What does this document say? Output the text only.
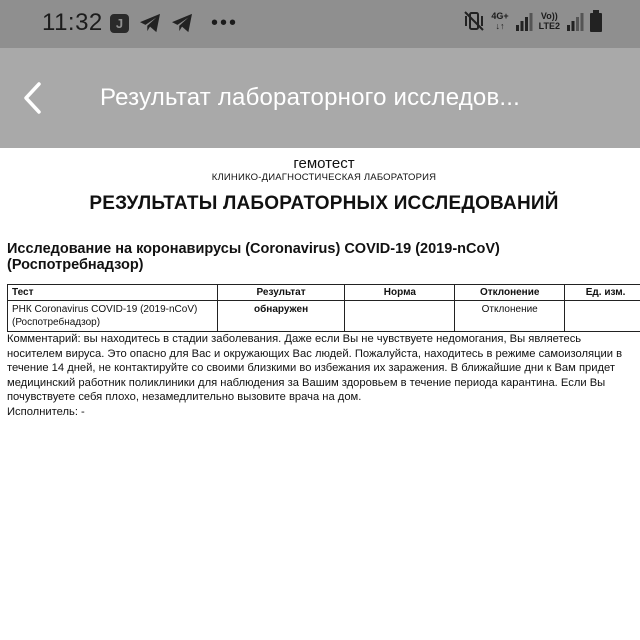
11:32	J	•••	4G+
↓↑
Vo))
LTE2
Результат лабораторного исследов...
гемотест
КЛИНИКО-ДИАГНОСТИЧЕСКАЯ ЛАБОРАТОРИЯ
РЕЗУЛЬТАТЫ ЛАБОРАТОРНЫХ ИССЛЕДОВАНИЙ
Исследование на коронавирусы (Coronavirus) COVID-19 (2019-nCoV) (Роспотребнадзор)
Тест	Результат	Норма	Отклонение	Ед. изм.
РНК Coronavirus COVID-19 (2019-nCoV) (Роспотребнадзор)	обнаружен		Отклонение	
Комментарий: вы находитесь в стадии заболевания. Даже если Вы не чувствуете недомогания, Вы являетесь носителем вируса. Это опасно для Вас и окружающих Вас людей. Пожалуйста, находитесь в режиме самоизоляции в течение 14 дней, не контактируйте со своими близкими во избежания их заражения. В ближайшие дни к Вам придет медицинский работник поликлиники для наблюдения за Вашим здоровьем в течение периода карантина. Если Вы почувствуете себя плохо, незамедлительно вызовите врача на дом.
Исполнитель: -
